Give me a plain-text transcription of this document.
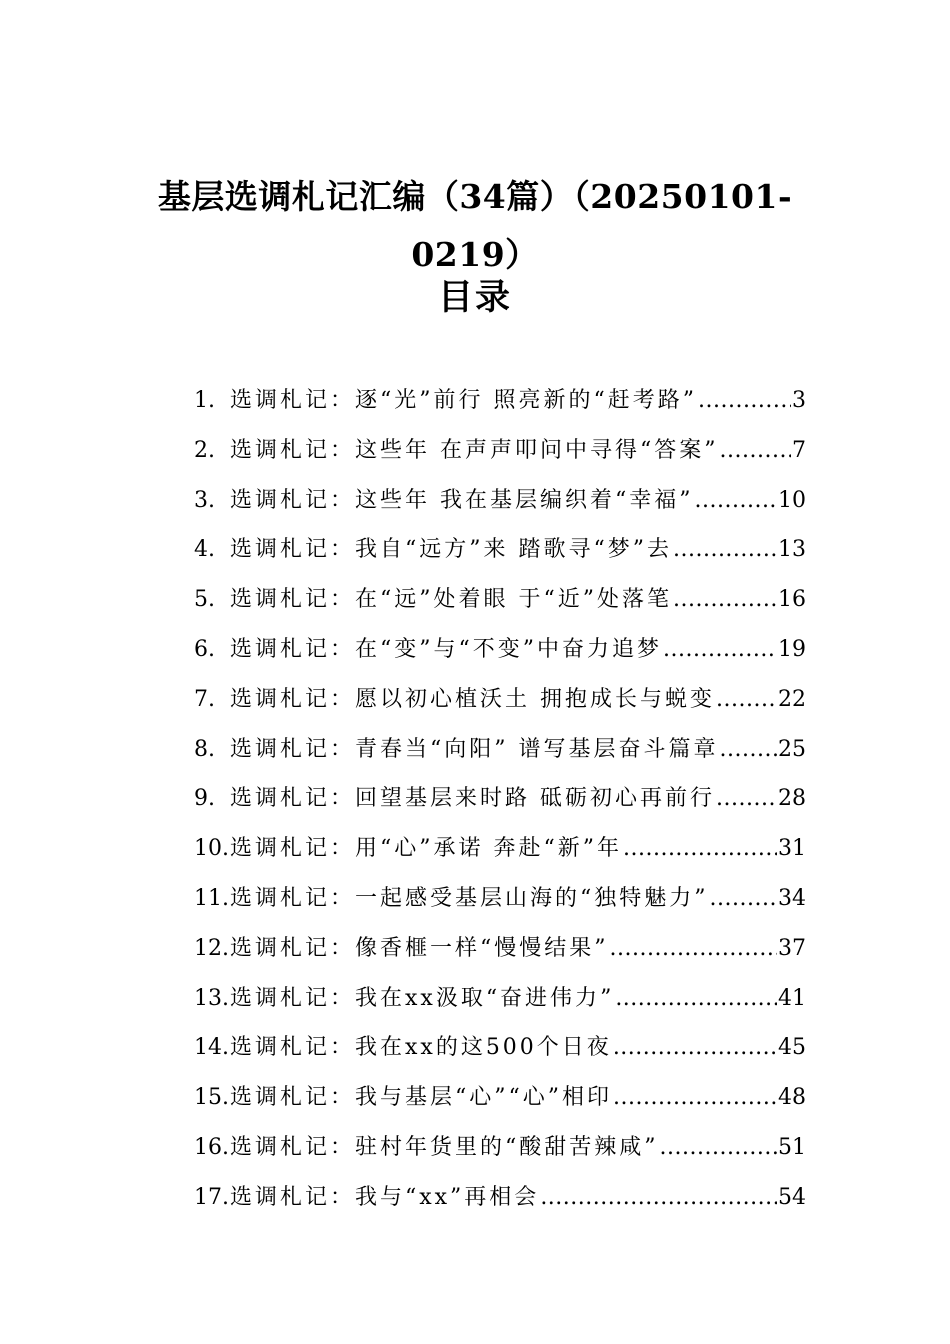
基层选调札记汇编（34篇）（20250101-
0219）
目录
1. 选调札记：逐“光”前行 照亮新的“赶考路” .....	3
2. 选调札记：这些年 在声声叩问中寻得“答案” .....	7
3. 选调札记：这些年 我在基层编织着“幸福” .....	10
4. 选调札记：我自“远方”来 踏歌寻“梦”去 .....	13
5. 选调札记：在“远”处着眼 于“近”处落笔 .....	16
6. 选调札记：在“变”与“不变”中奋力追梦 .....	19
7. 选调札记：愿以初心植沃土 拥抱成长与蜕变 .....	22
8. 选调札记：青春当“向阳” 谱写基层奋斗篇章 .....	25
9. 选调札记：回望基层来时路 砥砺初心再前行 .....	28
10. 选调札记：用“心”承诺 奔赴“新”年 .....	31
11. 选调札记：一起感受基层山海的“独特魅力” .....	34
12. 选调札记：像香榧一样“慢慢结果” .....	37
13. 选调札记：我在xx汲取“奋进伟力” .....	41
14. 选调札记：我在xx的这500个日夜 .....	45
15. 选调札记：我与基层“心”“心”相印 .....	48
16. 选调札记：驻村年货里的“酸甜苦辣咸” .....	51
17. 选调札记：我与“xx”再相会 .....	54
